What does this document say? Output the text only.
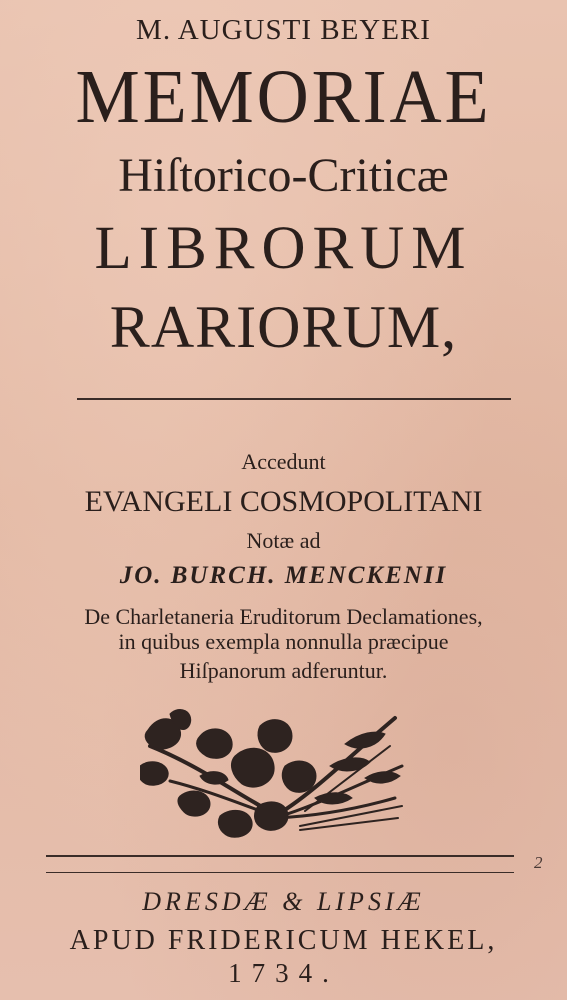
M. AUGUSTI BEYERI
MEMORIAE
Hiſtorico-Criticæ
LIBRORUM
RARIORUM,
Accedunt
EVANGELI COSMOPOLITANI
Notæ ad
JO. BURCH. MENCKENII
De Charletaneria Eruditorum Declamationes,
in quibus exempla nonnulla præcipue
Hiſpanorum adferuntur.
2
DRESDÆ & LIPSIÆ
APUD FRIDERICUM HEKEL,
1734.
